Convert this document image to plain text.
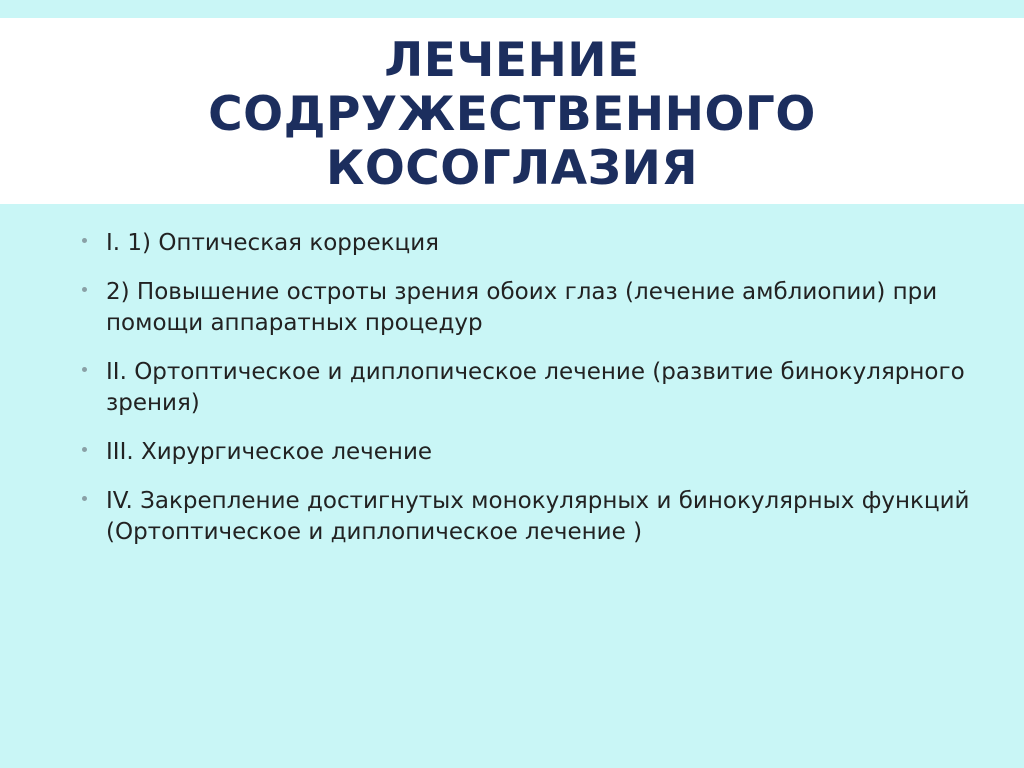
ЛЕЧЕНИЕ
СОДРУЖЕСТВЕННОГО
КОСОГЛАЗИЯ
I. 1) Оптическая коррекция
2) Повышение остроты зрения обоих глаз (лечение амблиопии) при помощи аппаратных процедур
II. Ортоптическое и диплопическое лечение (развитие бинокулярного зрения)
III. Хирургическое лечение
IV. Закрепление достигнутых монокулярных и бинокулярных функций (Ортоптическое и диплопическое лечение )
